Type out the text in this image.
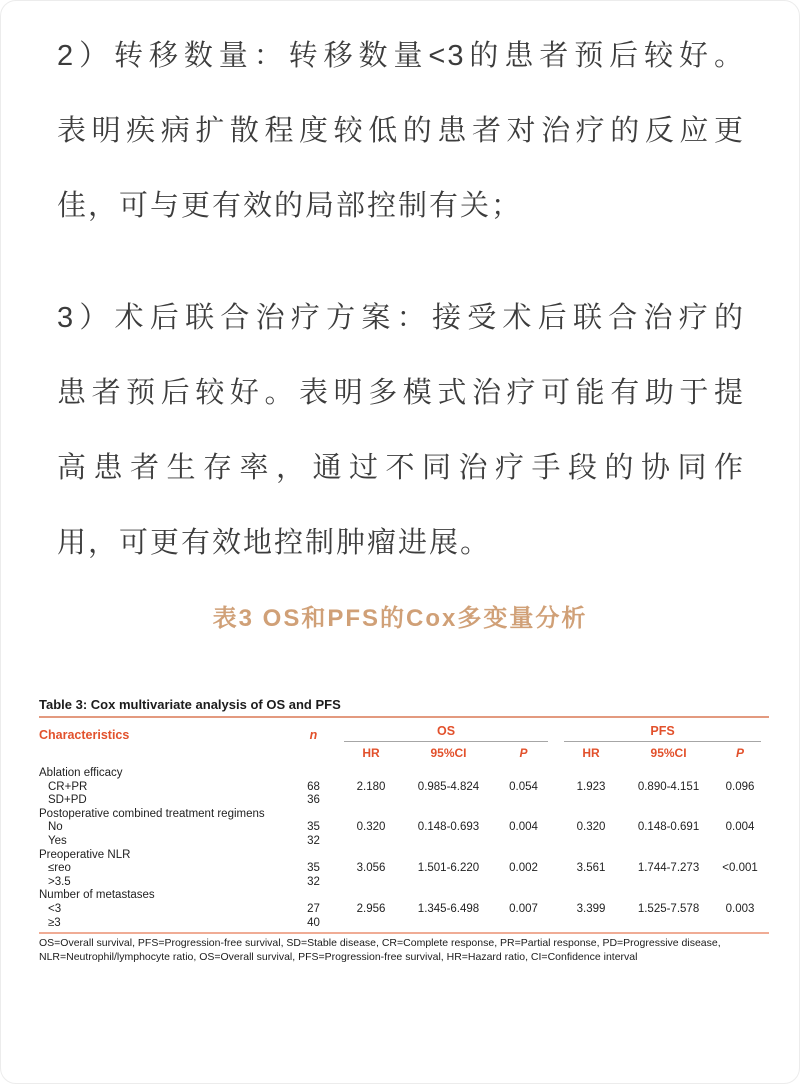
2）转移数量：转移数量<3的患者预后较好。
表明疾病扩散程度较低的患者对治疗的反应更
佳，可与更有效的局部控制有关；

3）术后联合治疗方案：接受术后联合治疗的
患者预后较好。表明多模式治疗可能有助于提
高患者生存率，通过不同治疗手段的协同作
用，可更有效地控制肿瘤进展。

表3 OS和PFS的Cox多变量分析

Table 3: Cox multivariate analysis of OS and PFS

Characteristics	n	OS			PFS		

		HR	95%CI	P	HR	95%CI	P
Ablation efficacy							
CR+PR	68	2.180	0.985-4.824	0.054	1.923	0.890-4.151	0.096
SD+PD	36						
Postoperative combined treatment regimens							
No	35	0.320	0.148-0.693	0.004	0.320	0.148-0.691	0.004
Yes	32						
Preoperative NLR							
≤reo	35	3.056	1.501-6.220	0.002	3.561	1.744-7.273	<0.001
>3.5	32						
Number of metastases							
<3	27	2.956	1.345-6.498	0.007	3.399	1.525-7.578	0.003
≥3	40						
OS=Overall survival, PFS=Progression-free survival, SD=Stable disease, CR=Complete response, PR=Partial response, PD=Progressive disease,
NLR=Neutrophil/lymphocyte ratio, OS=Overall survival, PFS=Progression-free survival, HR=Hazard ratio, CI=Confidence interval
